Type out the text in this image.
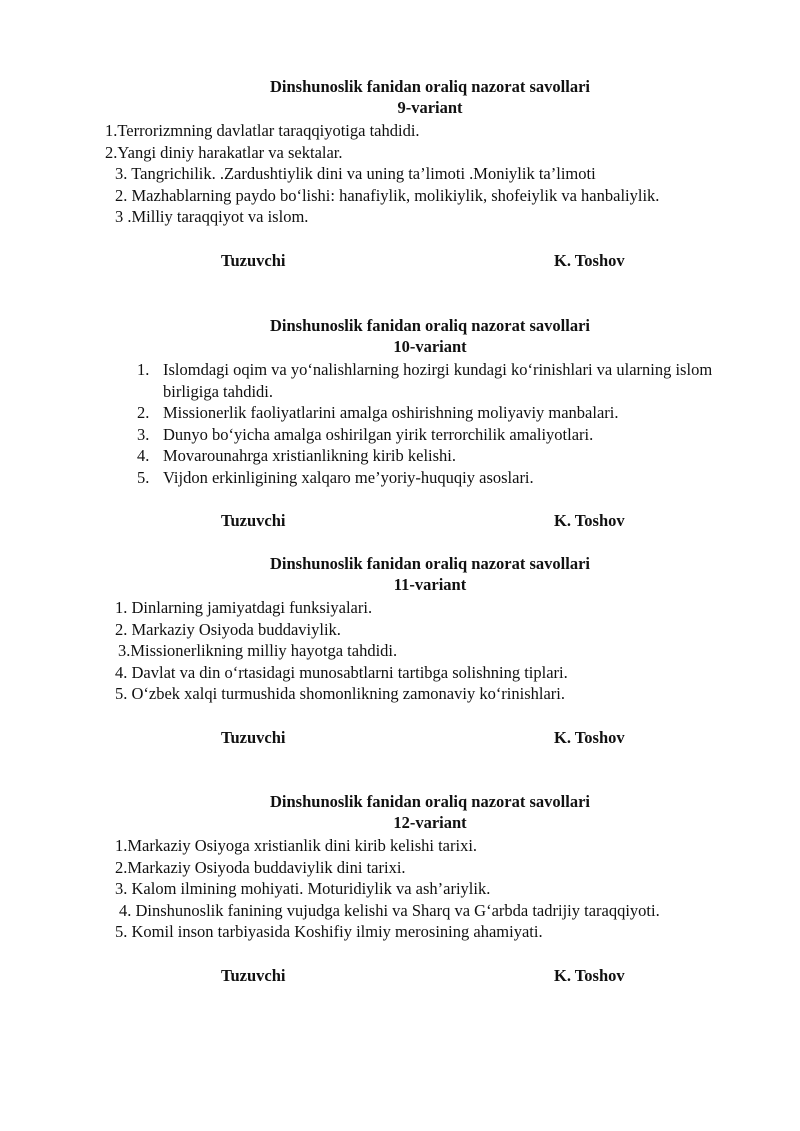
Dinshunoslik fanidan oraliq nazorat savollari
9-variant
1.Terrorizmning davlatlar taraqqiyotiga tahdidi.
2.Yangi diniy harakatlar va sektalar.
3. Tangrichilik. .Zardushtiylik dini va uning ta’limoti .Moniylik ta’limoti
2. Mazhablarning paydo bo‘lishi: hanafiylik, molikiylik, shofeiylik va hanbaliylik.
3 .Milliy taraqqiyot va islom.
Tuzuvchi	K. Toshov
Dinshunoslik fanidan oraliq nazorat savollari
10-variant
1. Islomdagi oqim va yo‘nalishlarning hozirgi kundagi ko‘rinishlari va ularning islom birligiga tahdidi.
2. Missionerlik faoliyatlarini amalga oshirishning moliyaviy manbalari.
3. Dunyo bo‘yicha amalga oshirilgan yirik terrorchilik amaliyotlari.
4. Movarounahrga xristianlikning kirib kelishi.
5. Vijdon erkinligining xalqaro me’yoriy-huquqiy asoslari.
Tuzuvchi	K. Toshov
Dinshunoslik fanidan oraliq nazorat savollari
11-variant
1. Dinlarning jamiyatdagi funksiyalari.
2. Markaziy Osiyoda buddaviylik.
3.Missionerlikning milliy hayotga tahdidi.
4. Davlat va din o‘rtasidagi munosabtlarni tartibga solishning tiplari.
5. O‘zbek xalqi turmushida shomonlikning zamonaviy ko‘rinishlari.
Tuzuvchi	K. Toshov
Dinshunoslik fanidan oraliq nazorat savollari
12-variant
1.Markaziy Osiyoga xristianlik dini kirib kelishi tarixi.
2.Markaziy Osiyoda buddaviylik dini tarixi.
3. Kalom ilmining mohiyati. Moturidiylik va ash’ariylik.
4. Dinshunoslik fanining vujudga kelishi va Sharq va G‘arbda tadrijiy taraqqiyoti.
5. Komil inson tarbiyasida Koshifiy ilmiy merosining ahamiyati.
Tuzuvchi	K. Toshov
